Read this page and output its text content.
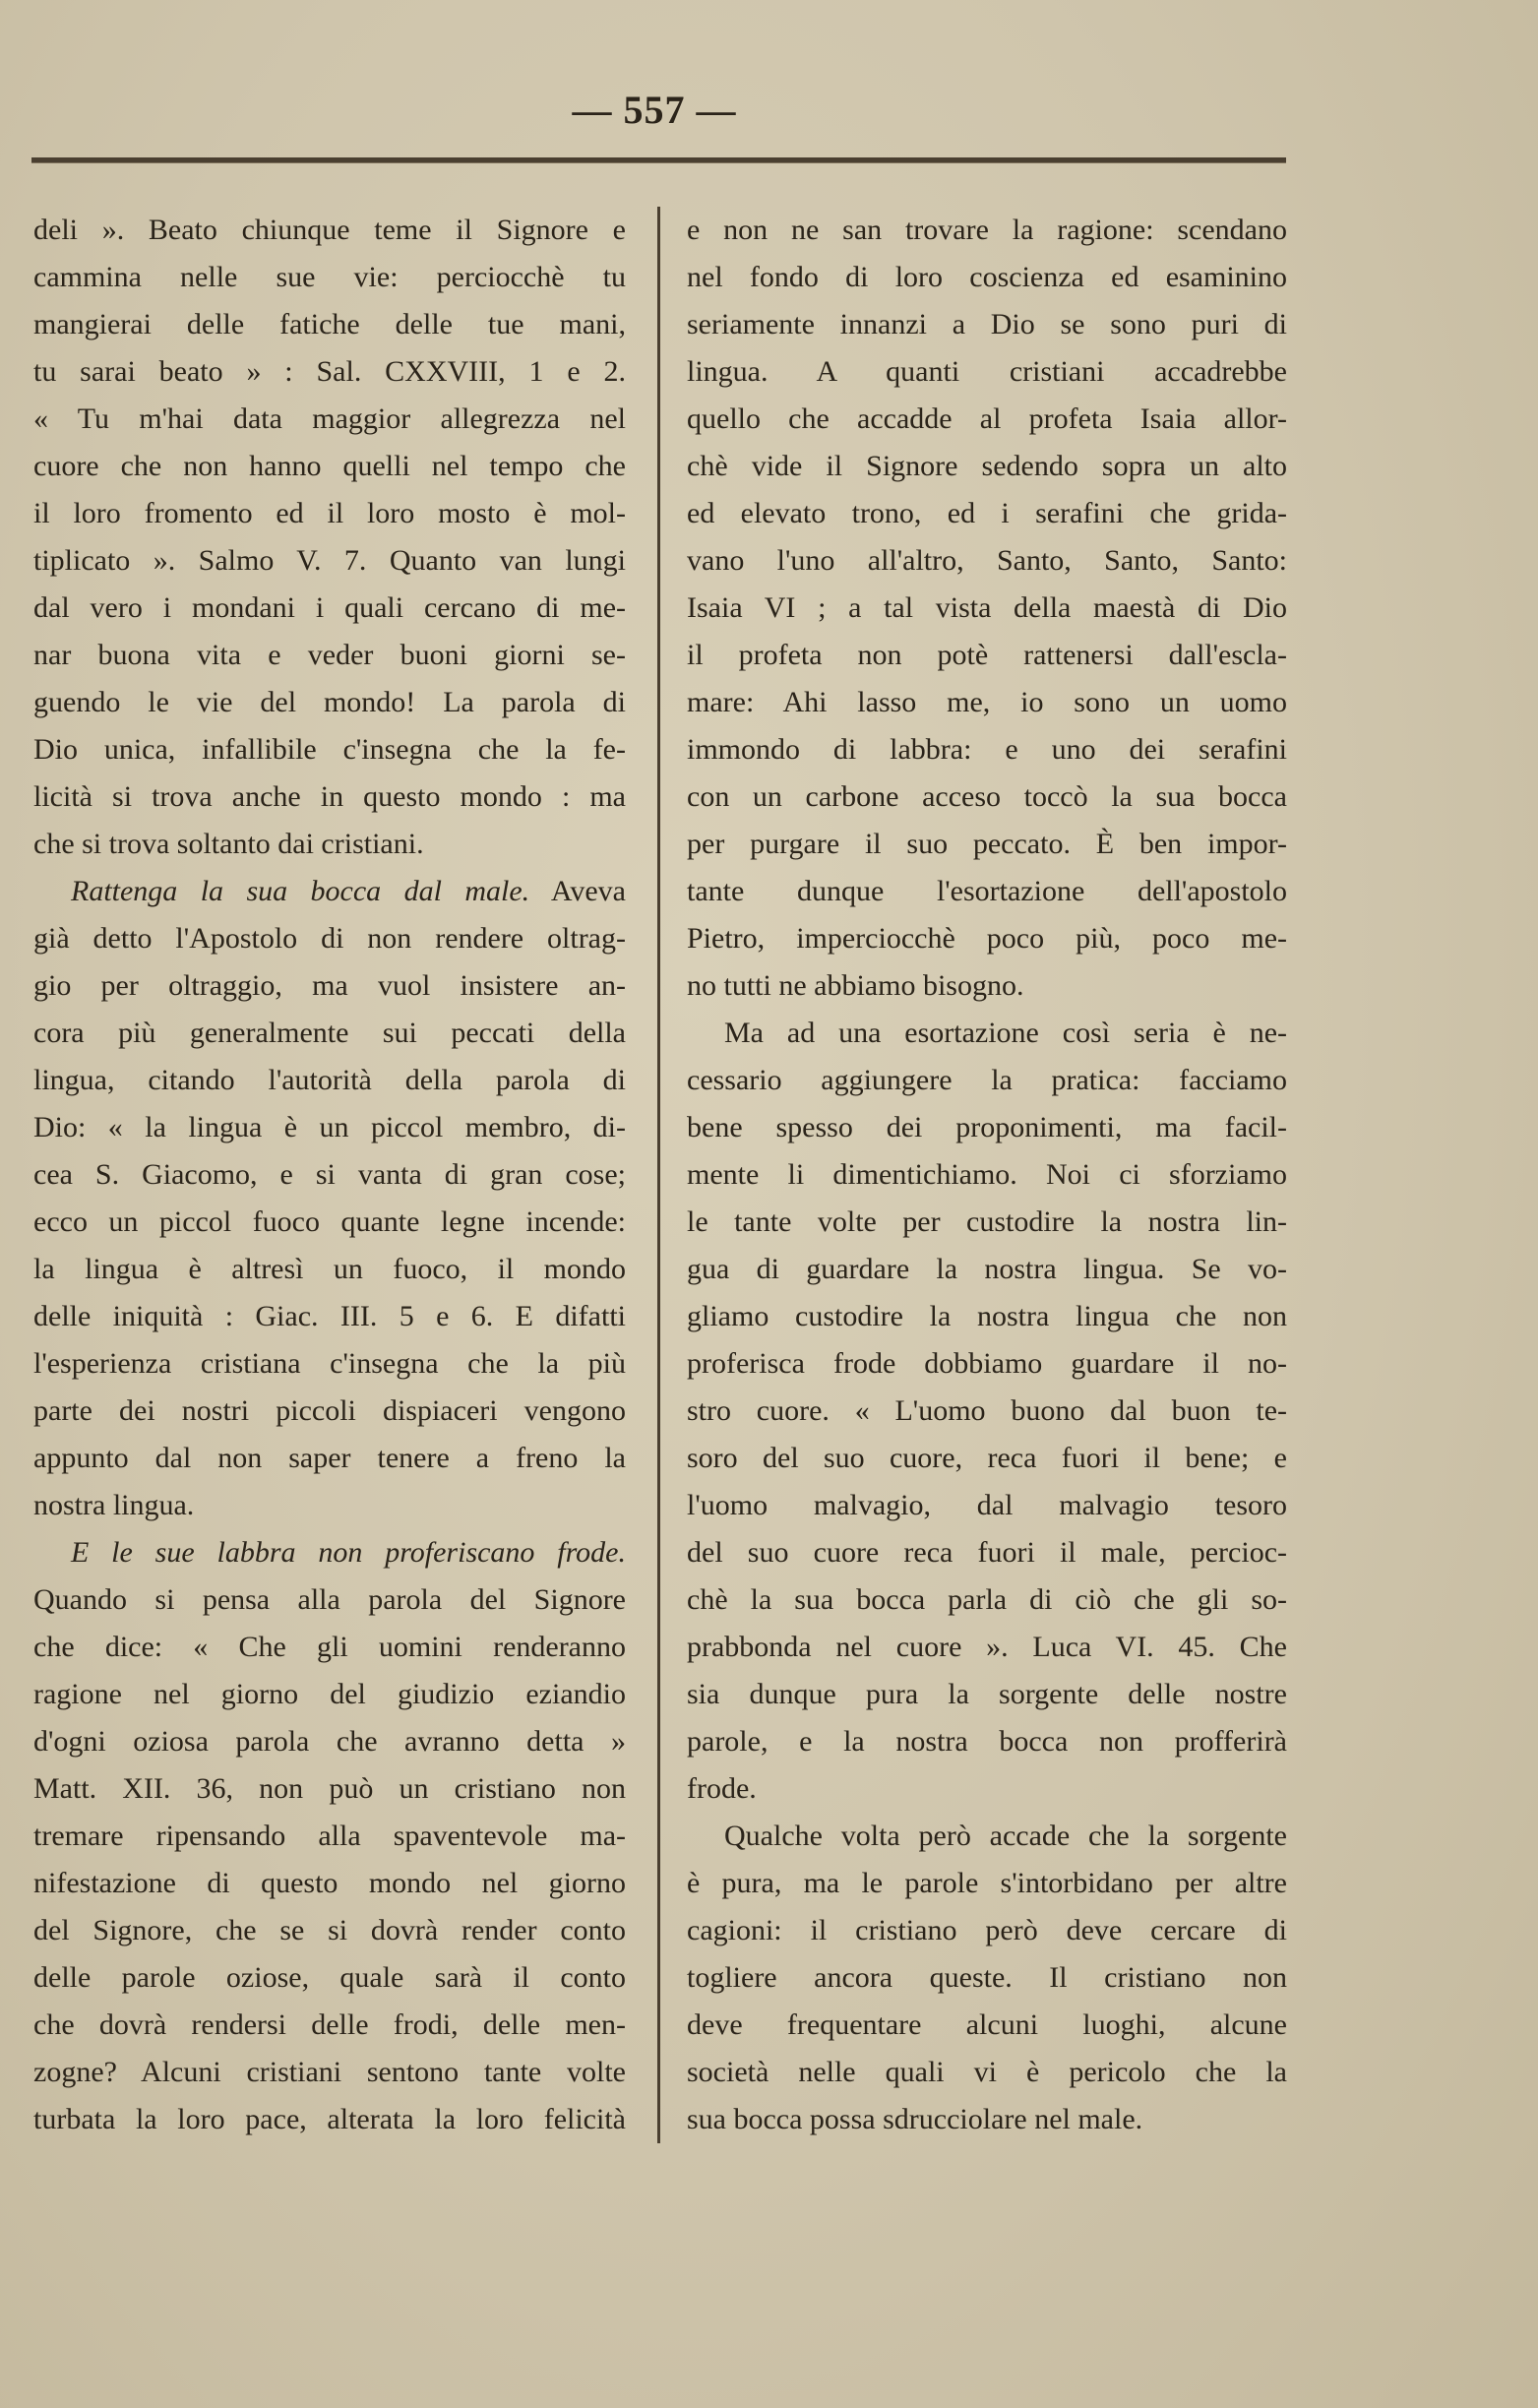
— 557 —
deli ». Beato chiunque teme il Signore e
cammina nelle sue vie: perciocchè tu
mangierai delle fatiche delle tue mani,
tu sarai beato » : Sal. CXXVIII, 1 e 2.
« Tu m'hai data maggior allegrezza nel
cuore che non hanno quelli nel tempo che
il loro fromento ed il loro mosto è mol-
tiplicato ». Salmo V. 7. Quanto van lungi
dal vero i mondani i quali cercano di me-
nar buona vita e veder buoni giorni se-
guendo le vie del mondo! La parola di
Dio unica, infallibile c'insegna che la fe-
licità si trova anche in questo mondo : ma
che si trova soltanto dai cristiani.
Rattenga la sua bocca dal male. Aveva
già detto l'Apostolo di non rendere oltrag-
gio per oltraggio, ma vuol insistere an-
cora più generalmente sui peccati della
lingua, citando l'autorità della parola di
Dio: « la lingua è un piccol membro, di-
cea S. Giacomo, e si vanta di gran cose;
ecco un piccol fuoco quante legne incende:
la lingua è altresì un fuoco, il mondo
delle iniquità : Giac. III. 5 e 6. E difatti
l'esperienza cristiana c'insegna che la più
parte dei nostri piccoli dispiaceri vengono
appunto dal non saper tenere a freno la
nostra lingua.
E le sue labbra non proferiscano frode.
Quando si pensa alla parola del Signore
che dice: « Che gli uomini renderanno
ragione nel giorno del giudizio eziandio
d'ogni oziosa parola che avranno detta »
Matt. XII. 36, non può un cristiano non
tremare ripensando alla spaventevole ma-
nifestazione di questo mondo nel giorno
del Signore, che se si dovrà render conto
delle parole oziose, quale sarà il conto
che dovrà rendersi delle frodi, delle men-
zogne? Alcuni cristiani sentono tante volte
turbata la loro pace, alterata la loro felicità
e non ne san trovare la ragione: scendano
nel fondo di loro coscienza ed esaminino
seriamente innanzi a Dio se sono puri di
lingua. A quanti cristiani accadrebbe
quello che accadde al profeta Isaia allor-
chè vide il Signore sedendo sopra un alto
ed elevato trono, ed i serafini che grida-
vano l'uno all'altro, Santo, Santo, Santo:
Isaia VI ; a tal vista della maestà di Dio
il profeta non potè rattenersi dall'escla-
mare: Ahi lasso me, io sono un uomo
immondo di labbra: e uno dei serafini
con un carbone acceso toccò la sua bocca
per purgare il suo peccato. È ben impor-
tante dunque l'esortazione dell'apostolo
Pietro, imperciocchè poco più, poco me-
no tutti ne abbiamo bisogno.
Ma ad una esortazione così seria è ne-
cessario aggiungere la pratica: facciamo
bene spesso dei proponimenti, ma facil-
mente li dimentichiamo. Noi ci sforziamo
le tante volte per custodire la nostra lin-
gua di guardare la nostra lingua. Se vo-
gliamo custodire la nostra lingua che non
proferisca frode dobbiamo guardare il no-
stro cuore. « L'uomo buono dal buon te-
soro del suo cuore, reca fuori il bene; e
l'uomo malvagio, dal malvagio tesoro
del suo cuore reca fuori il male, percioc-
chè la sua bocca parla di ciò che gli so-
prabbonda nel cuore ». Luca VI. 45. Che
sia dunque pura la sorgente delle nostre
parole, e la nostra bocca non profferirà
frode.
Qualche volta però accade che la sorgente
è pura, ma le parole s'intorbidano per altre
cagioni: il cristiano però deve cercare di
togliere ancora queste. Il cristiano non
deve frequentare alcuni luoghi, alcune
società nelle quali vi è pericolo che la
sua bocca possa sdrucciolare nel male.
